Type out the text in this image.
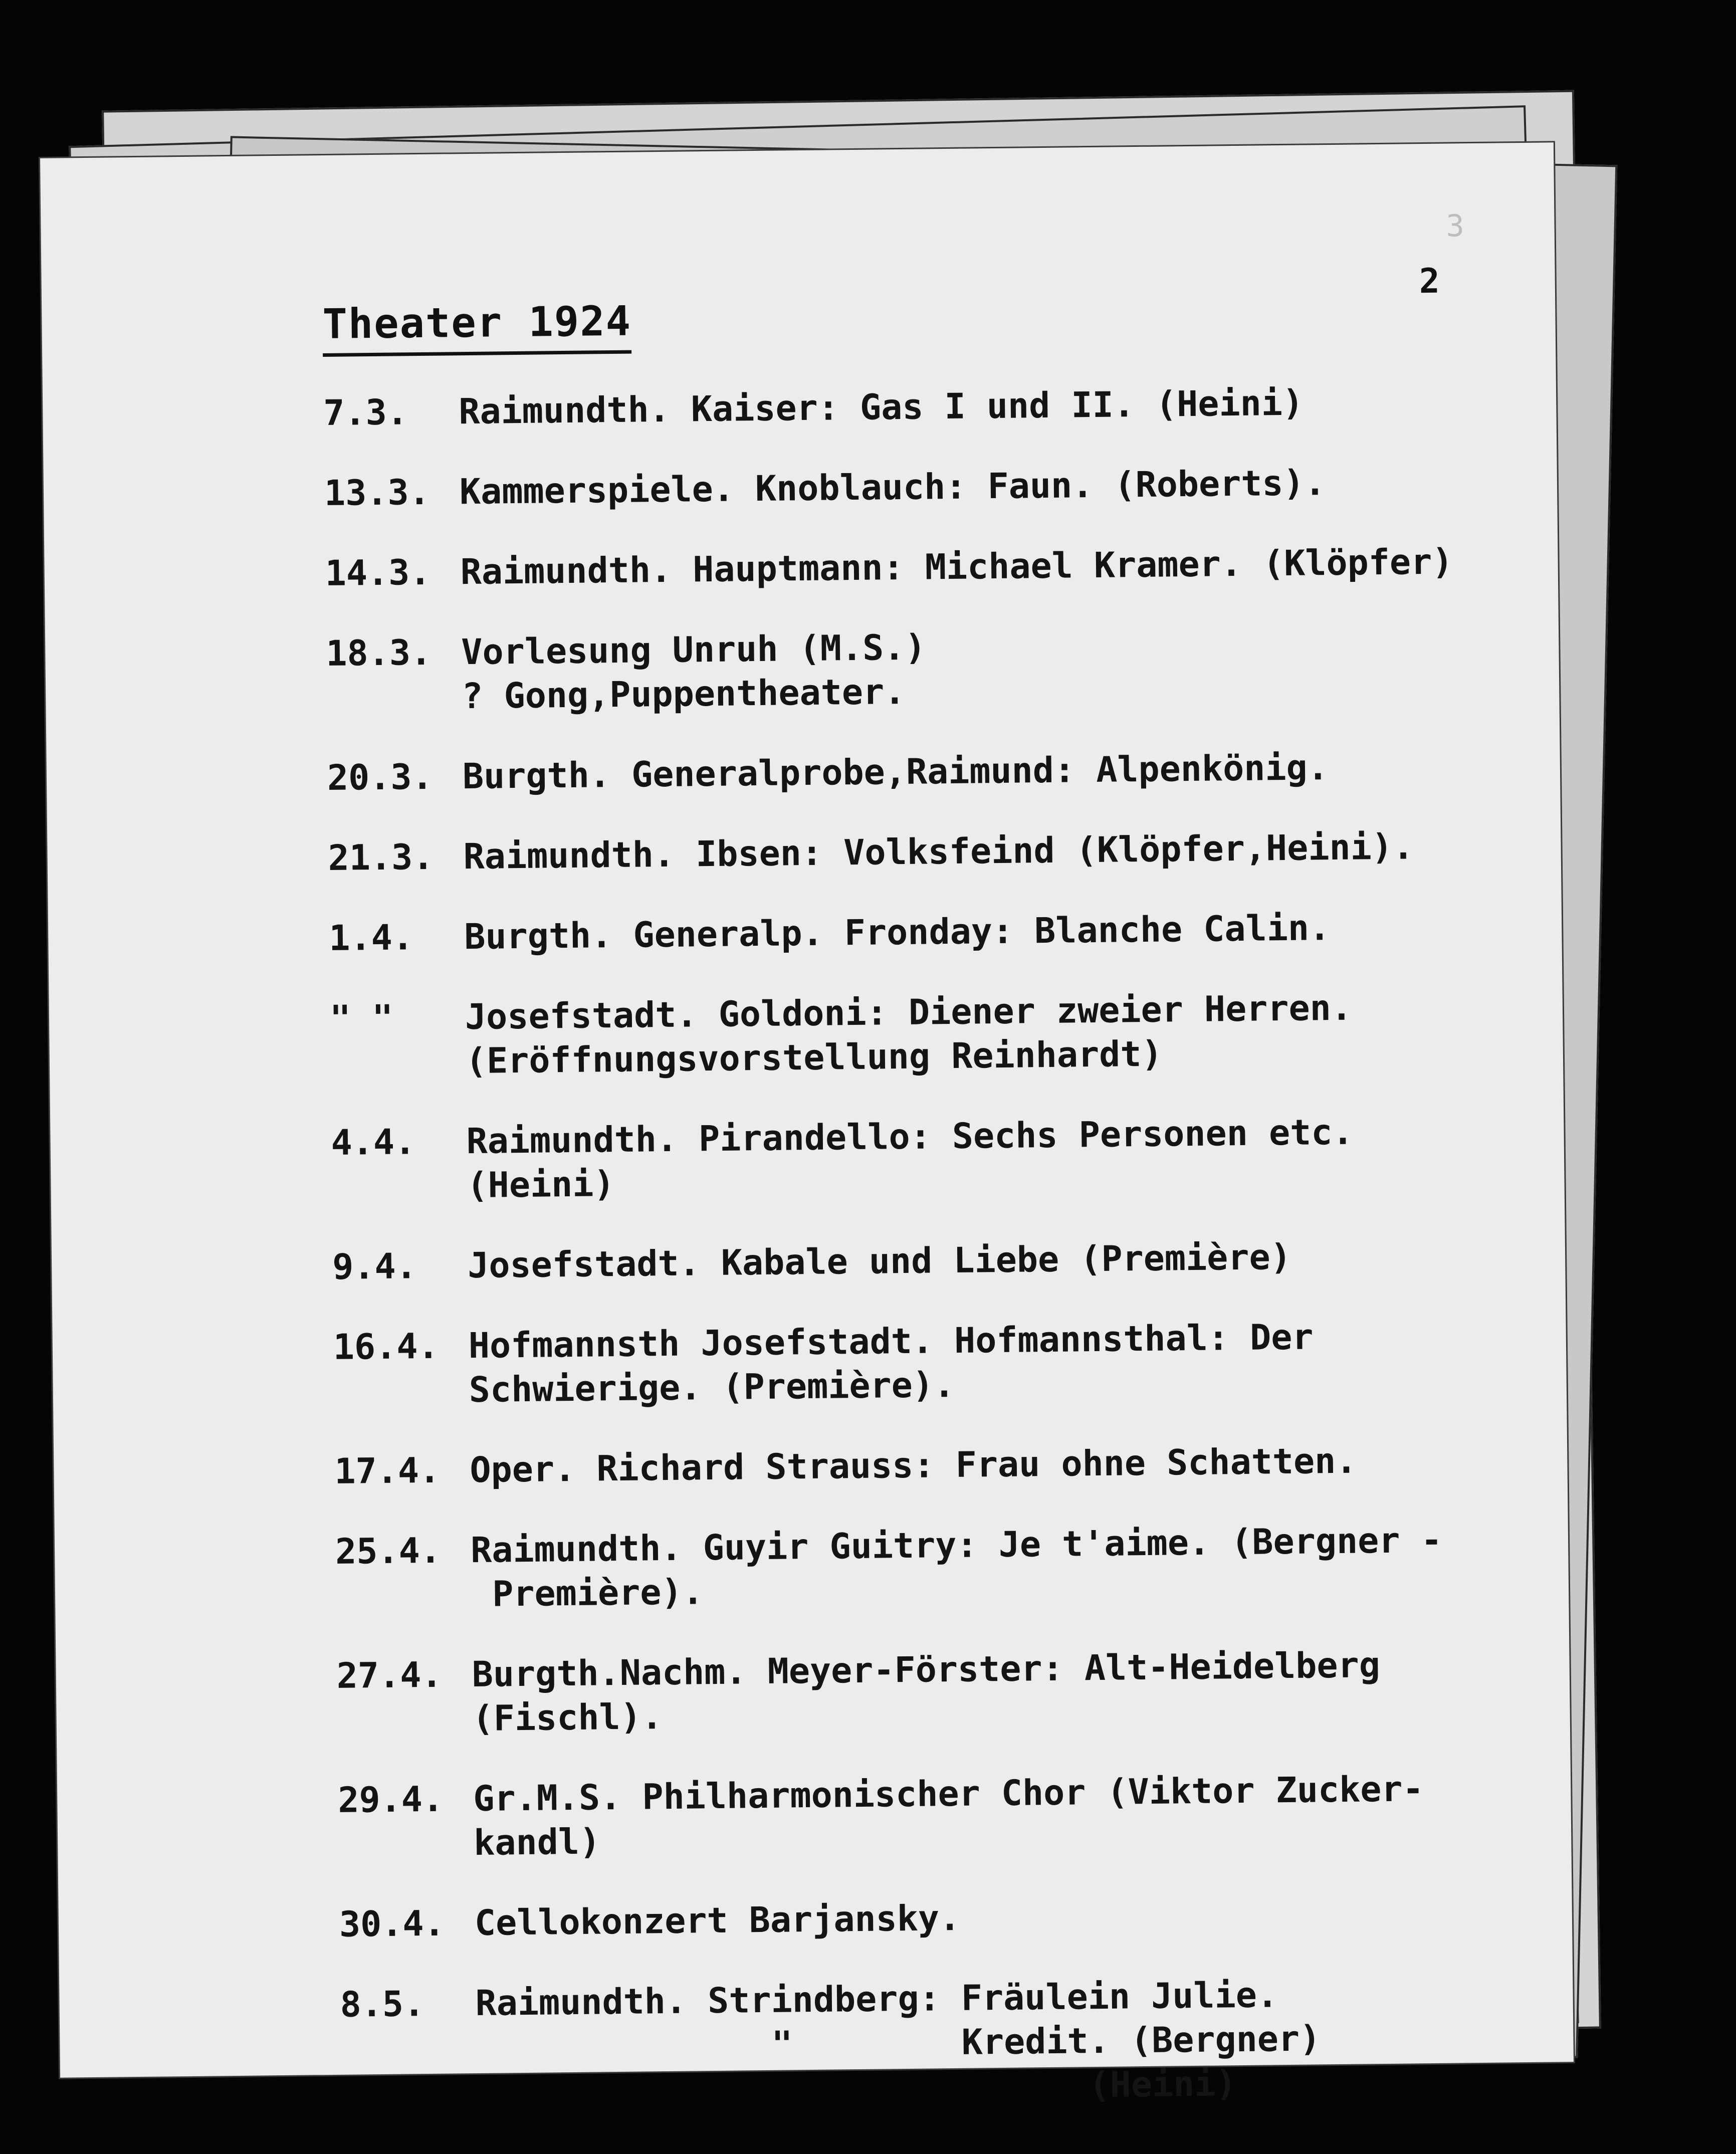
3
2
Theater 1924
7.3.	Raimundth. Kaiser: Gas I und II. (Heini)
13.3. Kammerspiele. Knoblauch: Faun. (Roberts).
14.3. Raimundth. Hauptmann: Michael Kramer. (Klöpfer)
18.3. Vorlesung Unruh (M.S.)
? Gong,Puppentheater.
20.3. Burgth. Generalprobe,Raimund: Alpenkönig.
21.3. Raimundth. Ibsen: Volksfeind (Klöpfer,Heini).
1.4.	Burgth. Generalp. Fronday: Blanche Calin.
" "	Josefstadt. Goldoni: Diener zweier Herren.
(Eröffnungsvorstellung Reinhardt)
4.4.	Raimundth. Pirandello: Sechs Personen etc.
(Heini)
9.4.	Josefstadt. Kabale und Liebe (Première)
16.4. Hofmannsth Josefstadt. Hofmannsthal: Der
Schwierige. (Première).
17.4. Oper. Richard Strauss: Frau ohne Schatten.
25.4. Raimundth. Guyir Guitry: Je t'aime. (Bergner -
Première).
27.4. Burgth.Nachm. Meyer-Förster: Alt-Heidelberg
(Fischl).
29.4. Gr.M.S. Philharmonischer Chor (Viktor Zucker-
kandl)
30.4. Cellokonzert Barjansky.
8.5.	Raimundth. Strindberg: Fräulein Julie.
"        Kredit. (Bergner)
(Heini)
